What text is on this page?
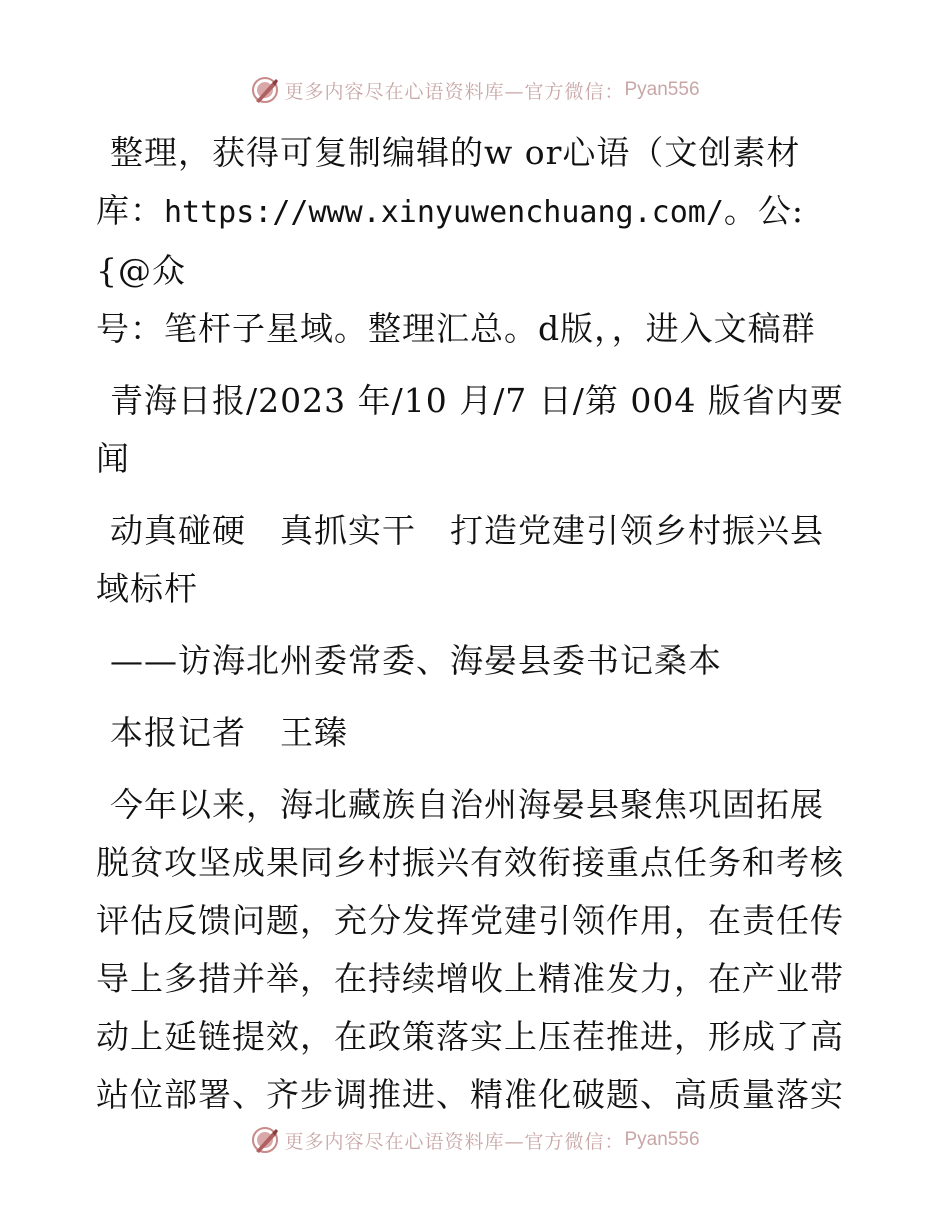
更多内容尽在心语资料库—官方微信： Pyan556

整理，获得可复制编辑的w or心语（文创素材
库：https://www.xinyuwenchuang.com/。公:{@众
号：笔杆子星域。整理汇总。d版，，进入文稿群

青海日报/2023 年/10 月/7 日/第 004 版省内要闻

动真碰硬　真抓实干　打造党建引领乡村振兴县域标杆

——访海北州委常委、海晏县委书记桑本

本报记者　王臻

今年以来，海北藏族自治州海晏县聚焦巩固拓展脱贫攻坚成果同乡村振兴有效衔接重点任务和考核评估反馈问题，充分发挥党建引领作用，在责任传导上多措并举，在持续增收上精准发力，在产业带动上延链提效，在政策落实上压茬推进，形成了高站位部署、齐步调推进、精准化破题、高质量落实

更多内容尽在心语资料库—官方微信： Pyan556
